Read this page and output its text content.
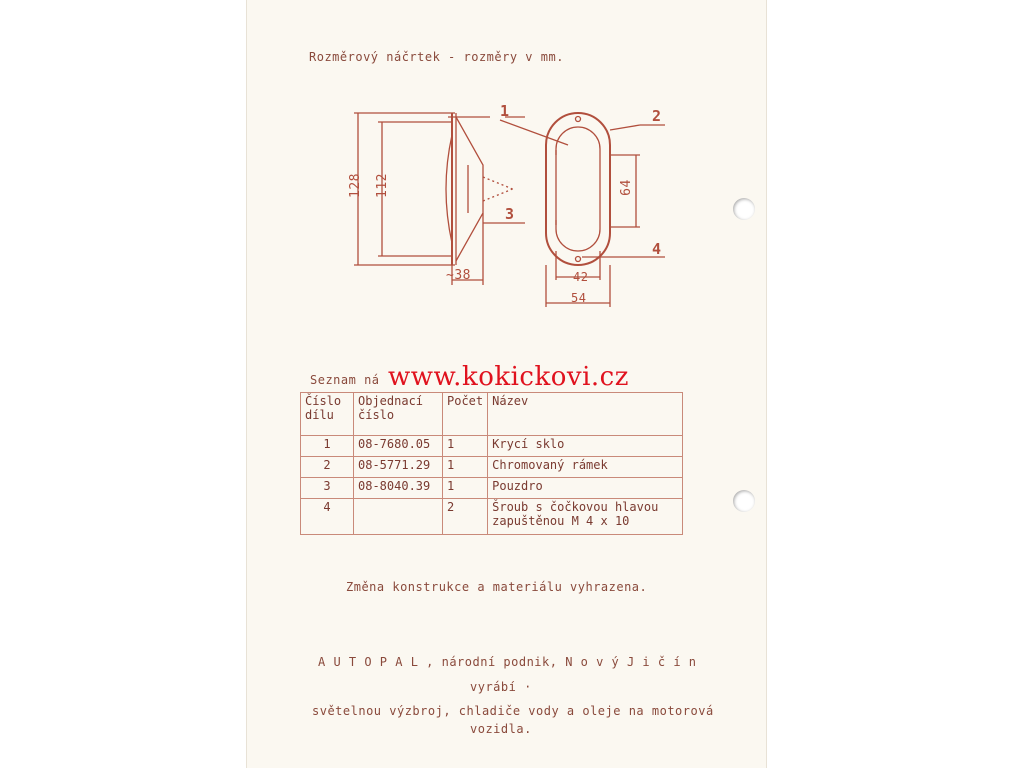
Rozměrový náčrtek - rozměry v mm.
1	2
3
4
128 112
~38
64
42
54
Seznam ná www.kokickovi.cz
Číslo dílu	Objednací číslo	Počet	Název
1	08-7680.05	1	Krycí sklo
2	08-5771.29	1	Chromovaný rámek
3	08-8040.39	1	Pouzdro
4		2	Šroub s čočkovou hlavou zapuštěnou M 4 x 10
Změna konstrukce a materiálu vyhrazena.
A U T O P A L , národní podnik, N o v ý J i č í n
vyrábí ·
světelnou výzbroj, chladiče vody a oleje na motorová
vozidla.
